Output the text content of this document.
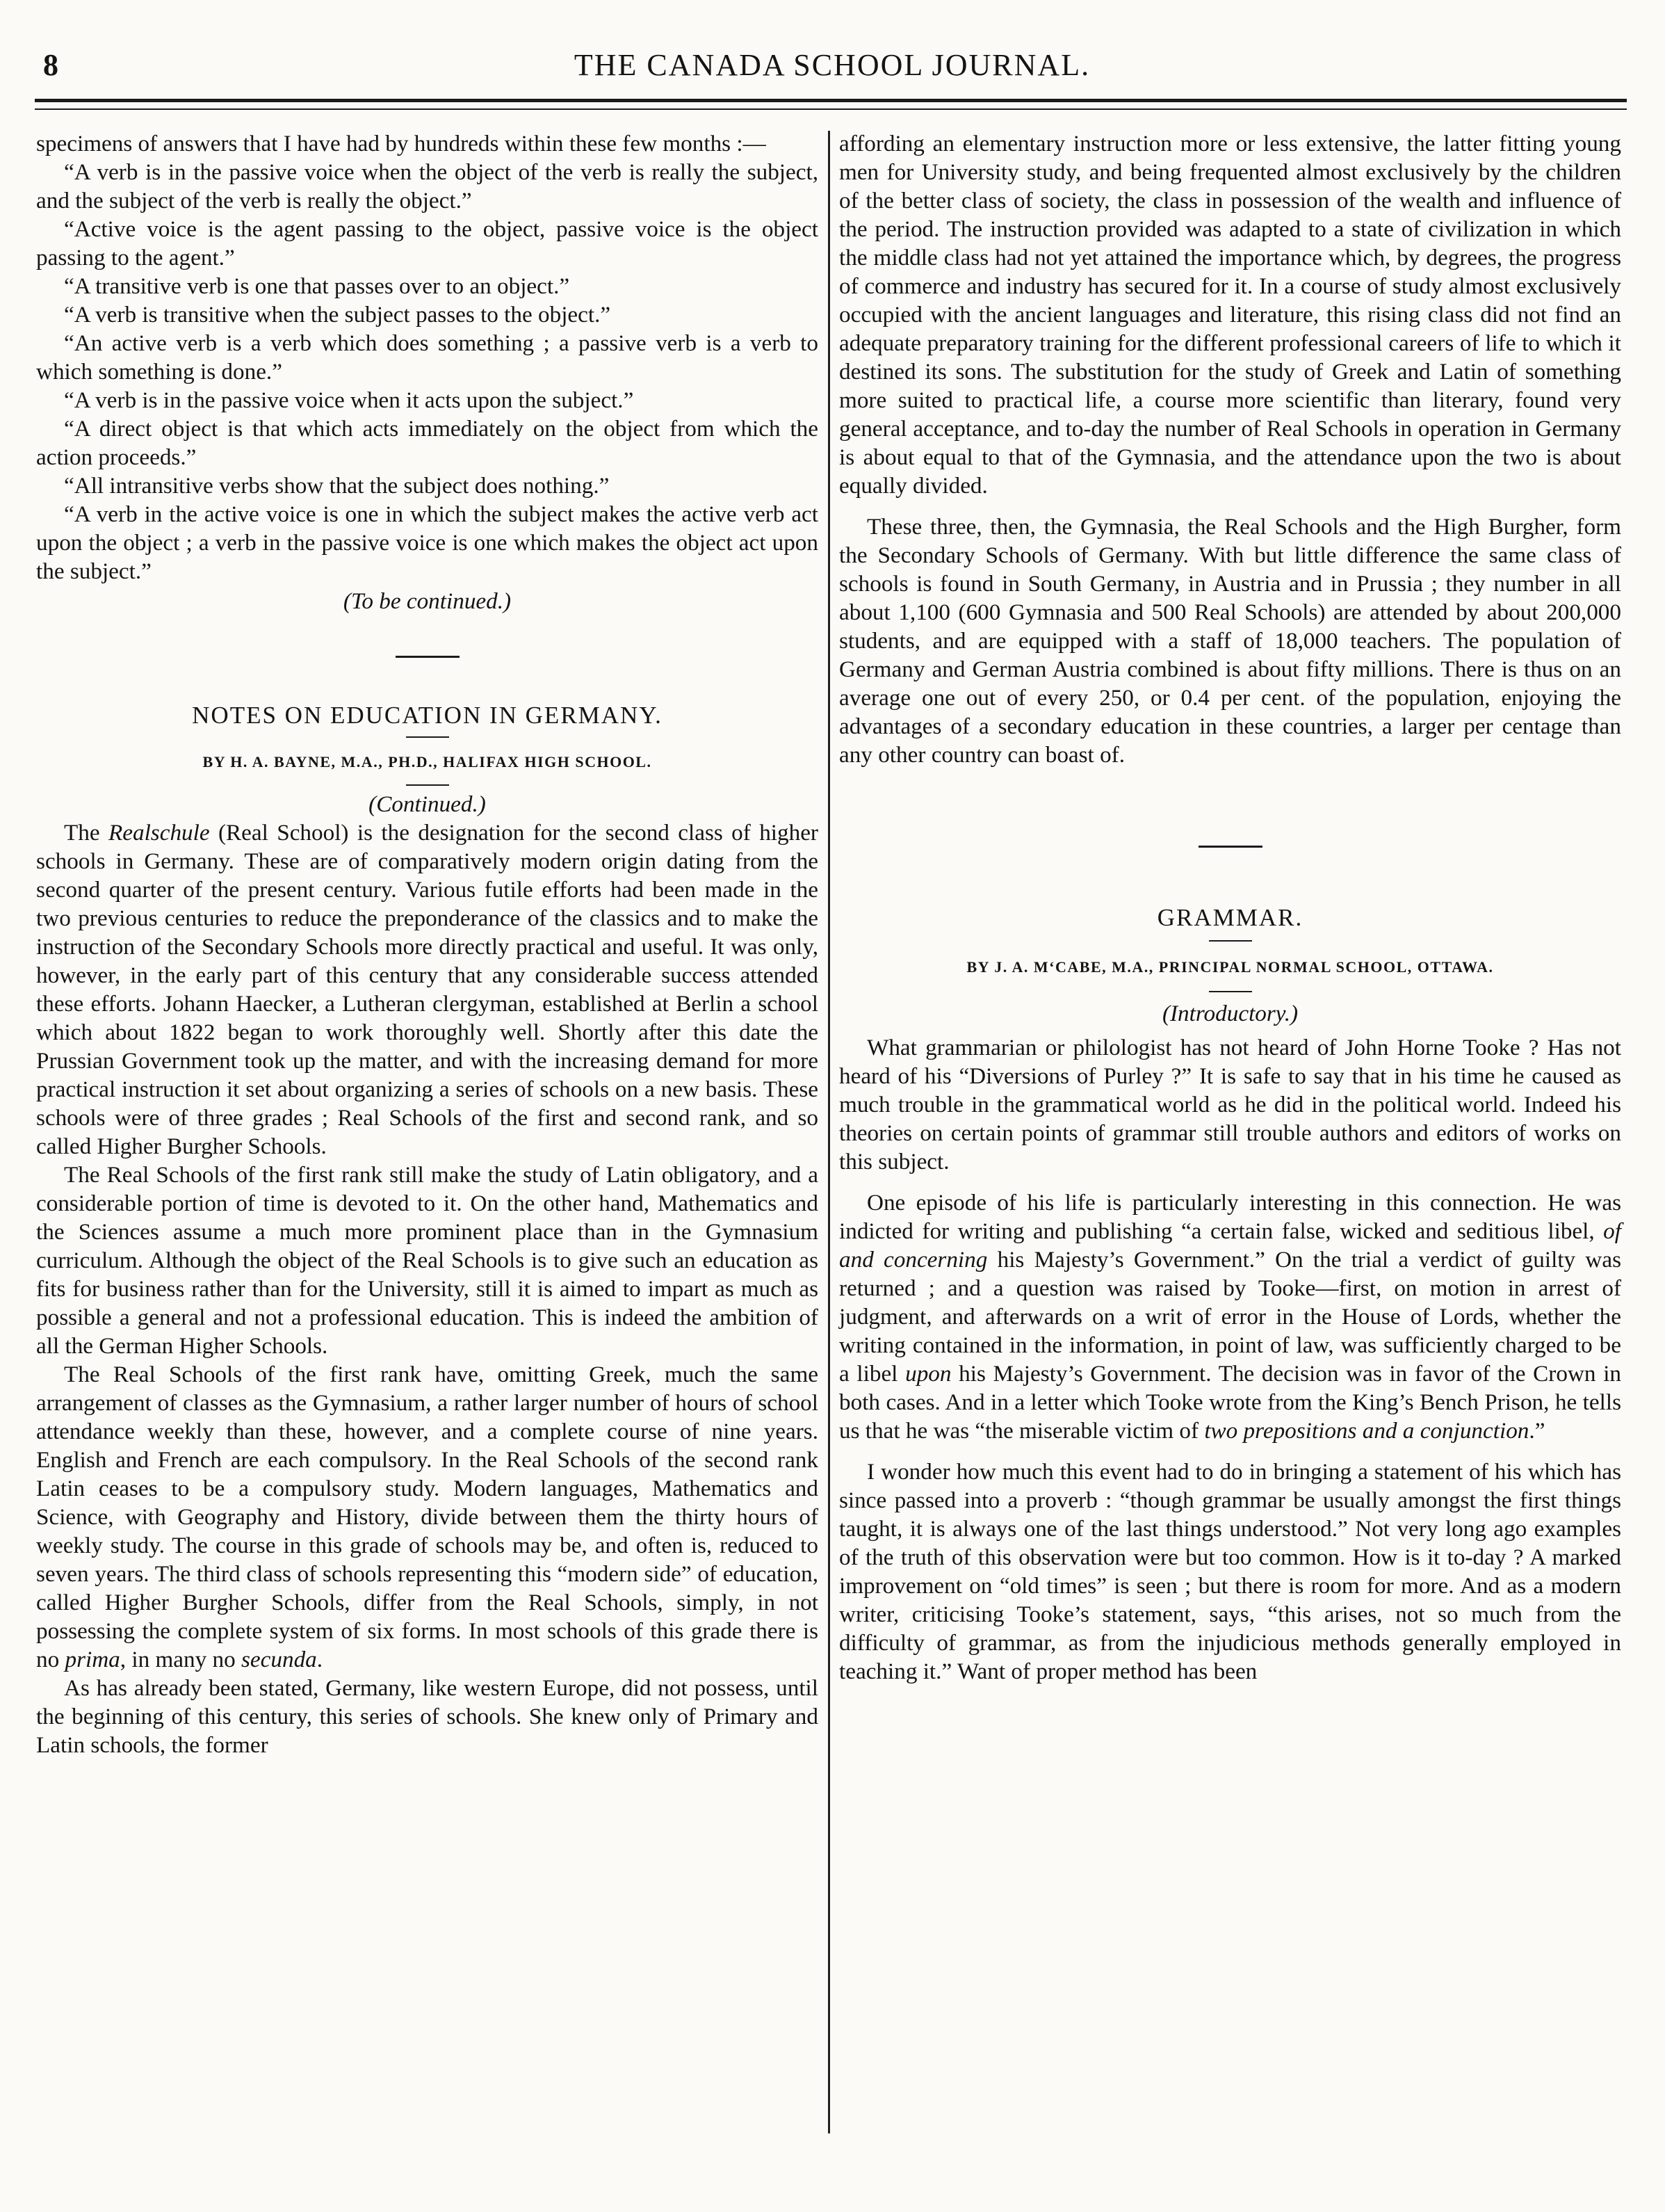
8	THE CANADA SCHOOL JOURNAL.

specimens of answers that I have had by hundreds within these few months :—

“A verb is in the passive voice when the object of the verb is really the subject, and the subject of the verb is really the object.”
“Active voice is the agent passing to the object, passive voice is the object passing to the agent.”
“A transitive verb is one that passes over to an object.”
“A verb is transitive when the subject passes to the object.”
“An active verb is a verb which does something ; a passive verb is a verb to which something is done.”
“A verb is in the passive voice when it acts upon the subject.”
“A direct object is that which acts immediately on the object from which the action proceeds.”
“All intransitive verbs show that the subject does nothing.”
“A verb in the active voice is one in which the subject makes the active verb act upon the object ; a verb in the passive voice is one which makes the object act upon the subject.”
(To be continued.)
NOTES ON EDUCATION IN GERMANY.
BY H. A. BAYNE, M.A., PH.D., HALIFAX HIGH SCHOOL.
(Continued.)

The Realschule (Real School) is the designation for the second class of higher schools in Germany. These are of comparatively modern origin dating from the second quarter of the present century. Various futile efforts had been made in the two previous centuries to reduce the preponderance of the classics and to make the instruction of the Secondary Schools more directly practical and useful. It was only, however, in the early part of this century that any considerable success attended these efforts. Johann Haecker, a Lutheran clergyman, established at Berlin a school which about 1822 began to work thoroughly well. Shortly after this date the Prussian Government took up the matter, and with the increasing demand for more practical instruction it set about organizing a series of schools on a new basis. These schools were of three grades ; Real Schools of the first and second rank, and so called Higher Burgher Schools.

The Real Schools of the first rank still make the study of Latin obligatory, and a considerable portion of time is devoted to it. On the other hand, Mathematics and the Sciences assume a much more prominent place than in the Gymnasium curriculum. Although the object of the Real Schools is to give such an education as fits for business rather than for the University, still it is aimed to impart as much as possible a general and not a professional education. This is indeed the ambition of all the German Higher Schools.

The Real Schools of the first rank have, omitting Greek, much the same arrangement of classes as the Gymnasium, a rather larger number of hours of school attendance weekly than these, however, and a complete course of nine years. English and French are each compulsory. In the Real Schools of the second rank Latin ceases to be a compulsory study. Modern languages, Mathematics and Science, with Geography and History, divide between them the thirty hours of weekly study. The course in this grade of schools may be, and often is, reduced to seven years. The third class of schools representing this “modern side” of education, called Higher Burgher Schools, differ from the Real Schools, simply, in not possessing the complete system of six forms. In most schools of this grade there is no prima, in many no secunda.

As has already been stated, Germany, like western Europe, did not possess, until the beginning of this century, this series of schools. She knew only of Primary and Latin schools, the former

affording an elementary instruction more or less extensive, the latter fitting young men for University study, and being frequented almost exclusively by the children of the better class of society, the class in possession of the wealth and influence of the period. The instruction provided was adapted to a state of civilization in which the middle class had not yet attained the importance which, by degrees, the progress of commerce and industry has secured for it. In a course of study almost exclusively occupied with the ancient languages and literature, this rising class did not find an adequate preparatory training for the different professional careers of life to which it destined its sons. The substitution for the study of Greek and Latin of something more suited to practical life, a course more scientific than literary, found very general acceptance, and to-day the number of Real Schools in operation in Germany is about equal to that of the Gymnasia, and the attendance upon the two is about equally divided.

These three, then, the Gymnasia, the Real Schools and the High Burgher, form the Secondary Schools of Germany. With but little difference the same class of schools is found in South Germany, in Austria and in Prussia ; they number in all about 1,100 (600 Gymnasia and 500 Real Schools) are attended by about 200,000 students, and are equipped with a staff of 18,000 teachers. The population of Germany and German Austria combined is about fifty millions. There is thus on an average one out of every 250, or 0.4 per cent. of the population, enjoying the advantages of a secondary education in these countries, a larger per centage than any other country can boast of.

GRAMMAR.
BY J. A. M‘CABE, M.A., PRINCIPAL NORMAL SCHOOL, OTTAWA.
(Introductory.)

What grammarian or philologist has not heard of John Horne Tooke ? Has not heard of his “Diversions of Purley ?” It is safe to say that in his time he caused as much trouble in the grammatical world as he did in the political world. Indeed his theories on certain points of grammar still trouble authors and editors of works on this subject.

One episode of his life is particularly interesting in this connection. He was indicted for writing and publishing “a certain false, wicked and seditious libel, of and concerning his Majesty’s Government.” On the trial a verdict of guilty was returned ; and a question was raised by Tooke—first, on motion in arrest of judgment, and afterwards on a writ of error in the House of Lords, whether the writing contained in the information, in point of law, was sufficiently charged to be a libel upon his Majesty’s Government. The decision was in favor of the Crown in both cases. And in a letter which Tooke wrote from the King’s Bench Prison, he tells us that he was “the miserable victim of two prepositions and a conjunction.”

I wonder how much this event had to do in bringing a statement of his which has since passed into a proverb : “though grammar be usually amongst the first things taught, it is always one of the last things understood.” Not very long ago examples of the truth of this observation were but too common. How is it to-day ? A marked improvement on “old times” is seen ; but there is room for more. And as a modern writer, criticising Tooke’s statement, says, “this arises, not so much from the difficulty of grammar, as from the injudicious methods generally employed in teaching it.” Want of proper method has been
